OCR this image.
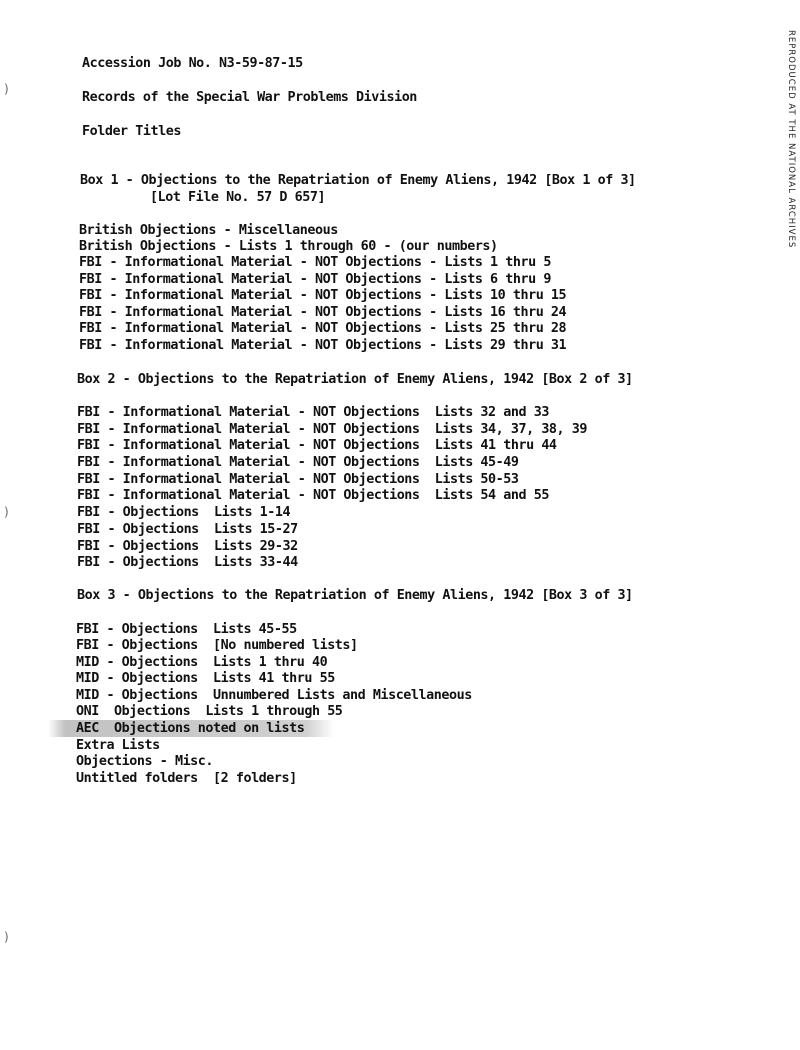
Accession Job No. N3-59-87-15
Records of the Special War Problems Division
Folder Titles
Box 1 - Objections to the Repatriation of Enemy Aliens, 1942 [Box 1 of 3]
[Lot File No. 57 D 657]
British Objections - Miscellaneous
British Objections - Lists 1 through 60 - (our numbers)
FBI - Informational Material - NOT Objections - Lists 1 thru 5
FBI - Informational Material - NOT Objections - Lists 6 thru 9
FBI - Informational Material - NOT Objections - Lists 10 thru 15
FBI - Informational Material - NOT Objections - Lists 16 thru 24
FBI - Informational Material - NOT Objections - Lists 25 thru 28
FBI - Informational Material - NOT Objections - Lists 29 thru 31
Box 2 - Objections to the Repatriation of Enemy Aliens, 1942 [Box 2 of 3]
FBI - Informational Material - NOT Objections  Lists 32 and 33
FBI - Informational Material - NOT Objections  Lists 34, 37, 38, 39
FBI - Informational Material - NOT Objections  Lists 41 thru 44
FBI - Informational Material - NOT Objections  Lists 45-49
FBI - Informational Material - NOT Objections  Lists 50-53
FBI - Informational Material - NOT Objections  Lists 54 and 55
FBI - Objections  Lists 1-14
FBI - Objections  Lists 15-27
FBI - Objections  Lists 29-32
FBI - Objections  Lists 33-44
Box 3 - Objections to the Repatriation of Enemy Aliens, 1942 [Box 3 of 3]
FBI - Objections  Lists 45-55
FBI - Objections  [No numbered lists]
MID - Objections  Lists 1 thru 40
MID - Objections  Lists 41 thru 55
MID - Objections  Unnumbered Lists and Miscellaneous
ONI  Objections  Lists 1 through 55
AEC  Objections noted on lists
Extra Lists
Objections - Misc.
Untitled folders  [2 folders]
REPRODUCED AT THE NATIONAL ARCHIVES
)
)
)
